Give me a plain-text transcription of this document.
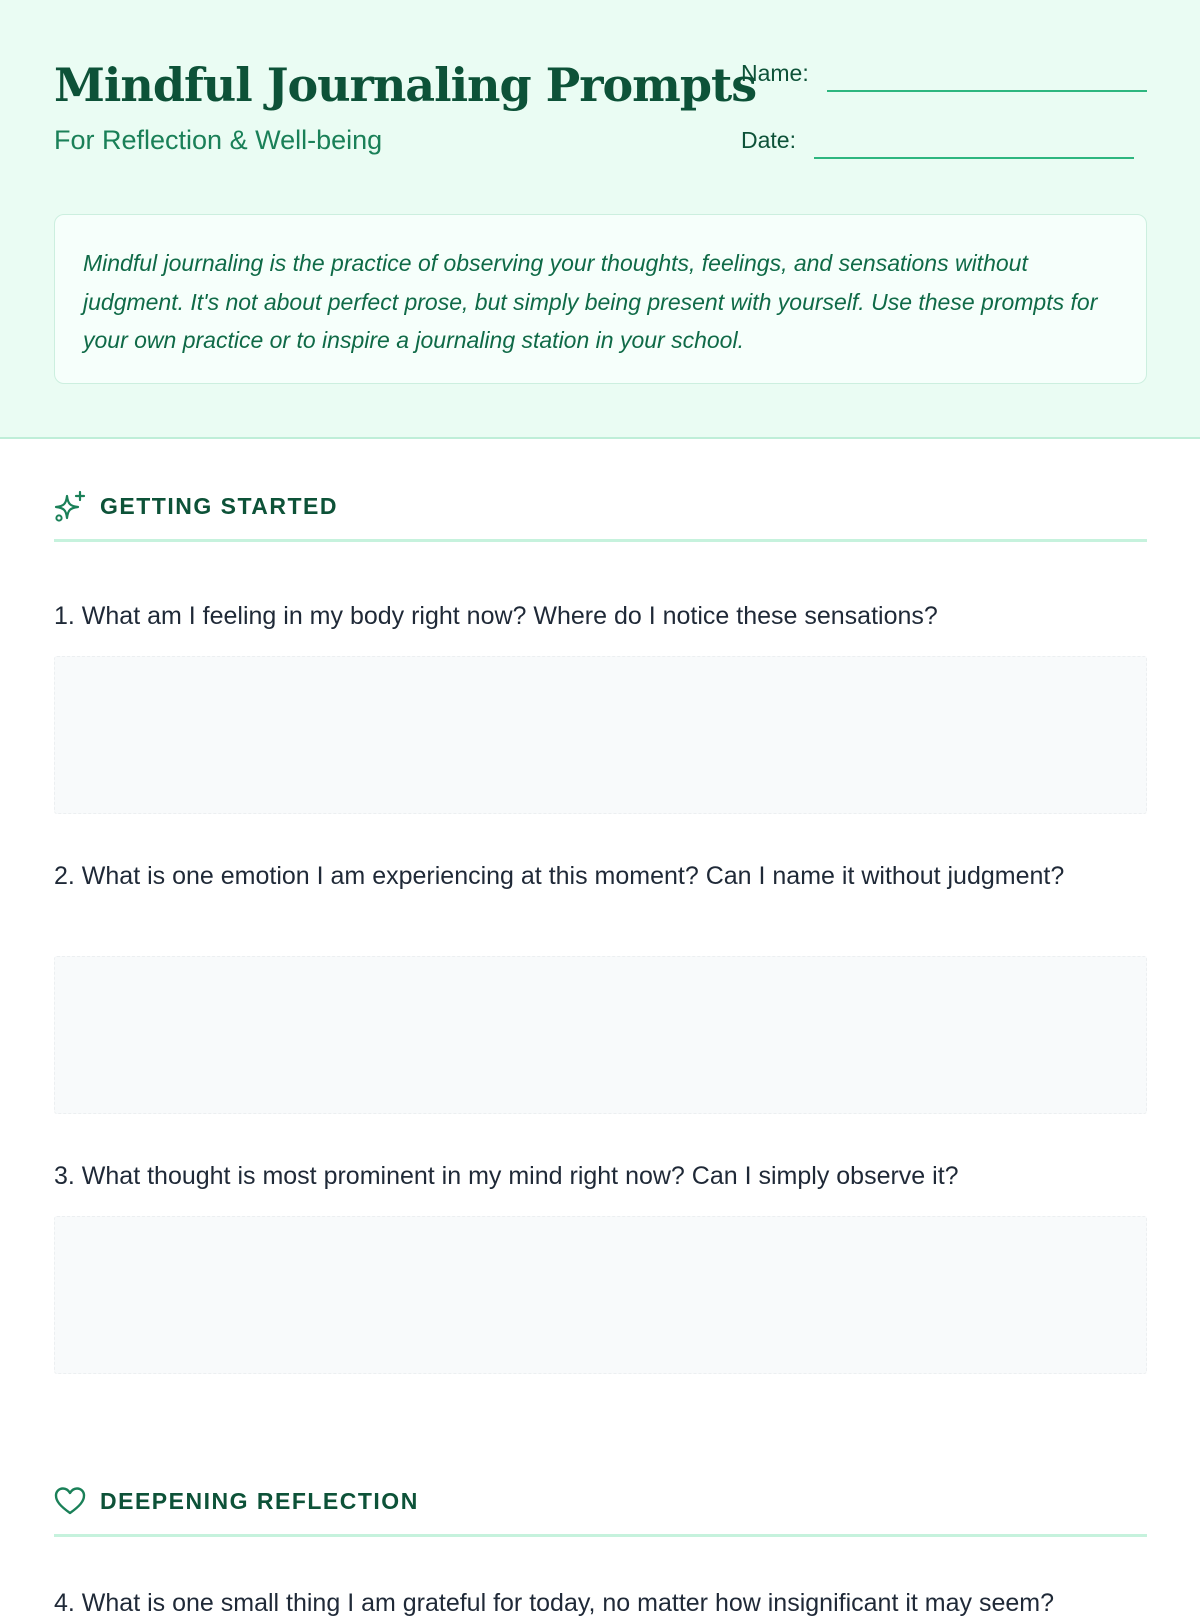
Mindful Journaling Prompts
For Reflection & Well-being
Name:
Date:

Mindful journaling is the practice of observing your thoughts, feelings, and sensations without judgment. It's not about perfect prose, but simply being present with yourself. Use these prompts for your own practice or to inspire a journaling station in your school.

GETTING STARTED
1. What am I feeling in my body right now? Where do I notice these sensations?
2. What is one emotion I am experiencing at this moment? Can I name it without judgment?
3. What thought is most prominent in my mind right now? Can I simply observe it?
DEEPENING REFLECTION
4. What is one small thing I am grateful for today, no matter how insignificant it may seem?
